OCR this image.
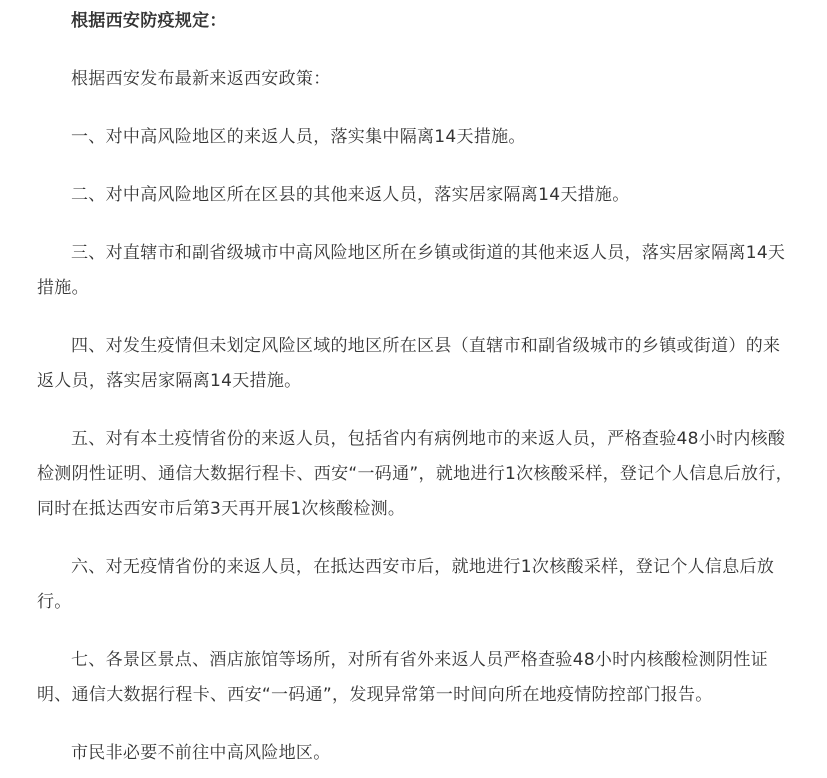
根据西安防疫规定：

根据西安发布最新来返西安政策：

一、对中高风险地区的来返人员，落实集中隔离14天措施。

二、对中高风险地区所在区县的其他来返人员，落实居家隔离14天措施。

三、对直辖市和副省级城市中高风险地区所在乡镇或街道的其他来返人员，落实居家隔离14天措施。

四、对发生疫情但未划定风险区域的地区所在区县（直辖市和副省级城市的乡镇或街道）的来返人员，落实居家隔离14天措施。

五、对有本土疫情省份的来返人员，包括省内有病例地市的来返人员，严格查验48小时内核酸检测阴性证明、通信大数据行程卡、西安“一码通”，就地进行1次核酸采样，登记个人信息后放行，同时在抵达西安市后第3天再开展1次核酸检测。

六、对无疫情省份的来返人员，在抵达西安市后，就地进行1次核酸采样，登记个人信息后放行。

七、各景区景点、酒店旅馆等场所，对所有省外来返人员严格查验48小时内核酸检测阴性证明、通信大数据行程卡、西安“一码通”，发现异常第一时间向所在地疫情防控部门报告。

市民非必要不前往中高风险地区。
